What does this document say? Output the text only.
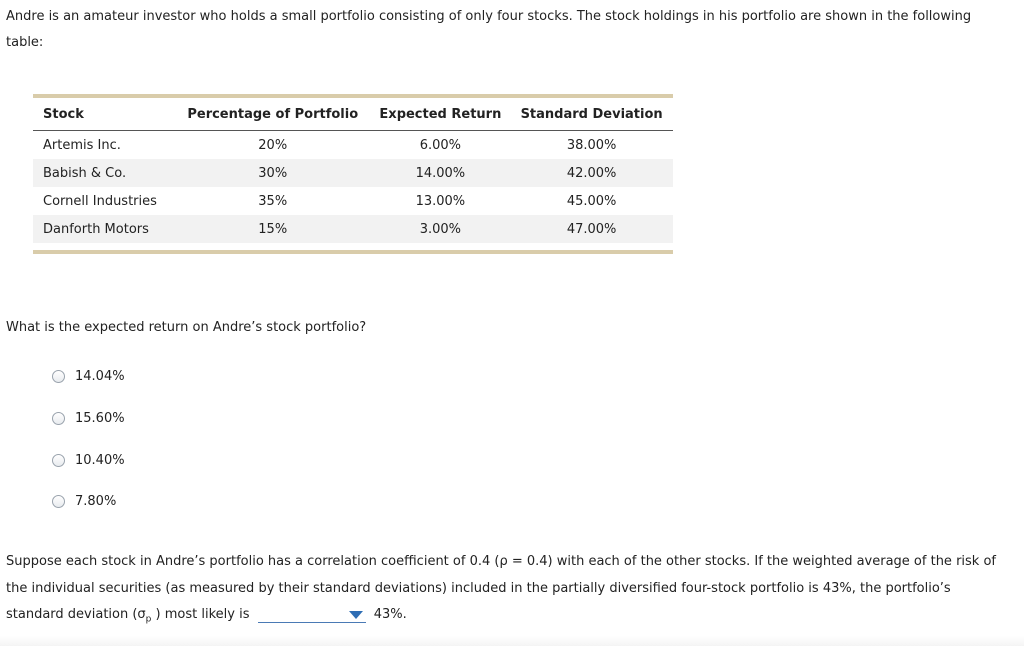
Andre is an amateur investor who holds a small portfolio consisting of only four stocks. The stock holdings in his portfolio are shown in the following table:
Stock	Percentage of Portfolio	Expected Return	Standard Deviation
Artemis Inc.	20%	6.00%	38.00%
Babish & Co.	30%	14.00%	42.00%
Cornell Industries	35%	13.00%	45.00%
Danforth Motors	15%	3.00%	47.00%
What is the expected return on Andre’s stock portfolio?
14.04%
15.60%
10.40%
7.80%
Suppose each stock in Andre’s portfolio has a correlation coefficient of 0.4 (ρ = 0.4) with each of the other stocks. If the weighted average of the risk of the individual securities (as measured by their standard deviations) included in the partially diversified four-stock portfolio is 43%, the portfolio’s standard deviation ($\sigma_p$ ) most likely is	43%.
